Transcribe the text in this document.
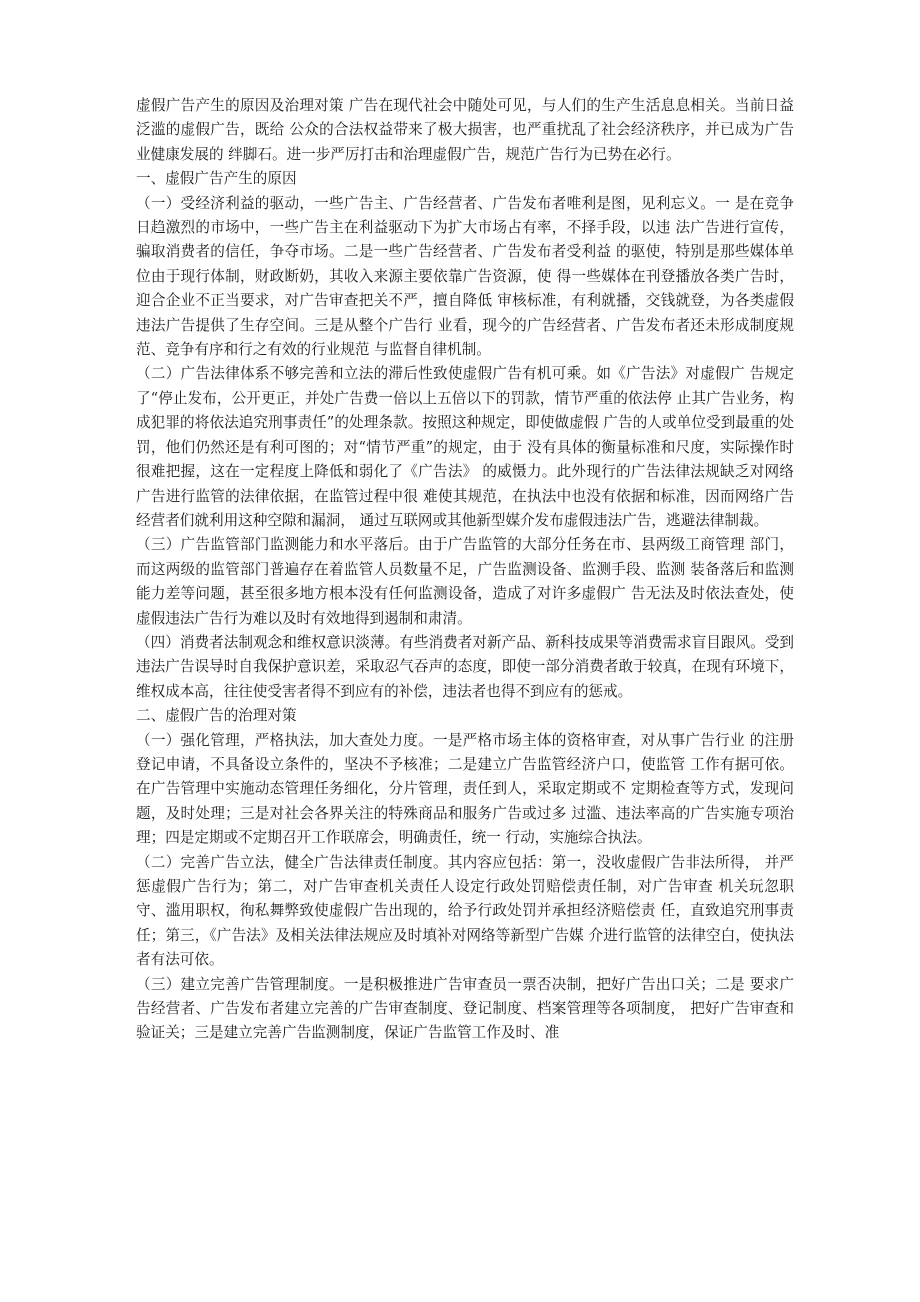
虚假广告产生的原因及治理对策 广告在现代社会中随处可见，与人们的生产生活息息相关。当前日益泛滥的虚假广告，既给 公众的合法权益带来了极大损害，也严重扰乱了社会经济秩序，并已成为广告业健康发展的 绊脚石。进一步严厉打击和治理虚假广告，规范广告行为已势在必行。

一、虚假广告产生的原因

（一）受经济利益的驱动，一些广告主、广告经营者、广告发布者唯利是图，见利忘义。一 是在竞争日趋激烈的市场中，一些广告主在利益驱动下为扩大市场占有率，不择手段，以违 法广告进行宣传，骗取消费者的信任，争夺市场。二是一些广告经营者、广告发布者受利益 的驱使，特别是那些媒体单位由于现行体制，财政断奶，其收入来源主要依靠广告资源，使 得一些媒体在刊登播放各类广告时，迎合企业不正当要求，对广告审查把关不严，擅自降低 审核标准，有利就播，交钱就登，为各类虚假违法广告提供了生存空间。三是从整个广告行 业看，现今的广告经营者、广告发布者还未形成制度规范、竞争有序和行之有效的行业规范 与监督自律机制。

（二）广告法律体系不够完善和立法的滞后性致使虚假广告有机可乘。如《广告法》对虚假广 告规定了“停止发布，公开更正，并处广告费一倍以上五倍以下的罚款，情节严重的依法停 止其广告业务，构成犯罪的将依法追究刑事责任”的处理条款。按照这种规定，即使做虚假 广告的人或单位受到最重的处罚，他们仍然还是有利可图的；对“情节严重”的规定，由于 没有具体的衡量标准和尺度，实际操作时很难把握，这在一定程度上降低和弱化了《广告法》 的威慑力。此外现行的广告法律法规缺乏对网络广告进行监管的法律依据，在监管过程中很 难使其规范，在执法中也没有依据和标准，因而网络广告经营者们就利用这种空隙和漏洞， 通过互联网或其他新型媒介发布虚假违法广告，逃避法律制裁。

（三）广告监管部门监测能力和水平落后。由于广告监管的大部分任务在市、县两级工商管理 部门，而这两级的监管部门普遍存在着监管人员数量不足，广告监测设备、监测手段、监测 装备落后和监测能力差等问题，甚至很多地方根本没有任何监测设备，造成了对许多虚假广 告无法及时依法查处，使虚假违法广告行为难以及时有效地得到遏制和肃清。

（四）消费者法制观念和维权意识淡薄。有些消费者对新产品、新科技成果等消费需求盲目跟风。受到违法广告误导时自我保护意识差，采取忍气吞声的态度，即使一部分消费者敢于较真，在现有环境下，维权成本高，往往使受害者得不到应有的补偿，违法者也得不到应有的惩戒。

二、虚假广告的治理对策

（一）强化管理，严格执法，加大查处力度。一是严格市场主体的资格审查，对从事广告行业 的注册登记申请，不具备设立条件的，坚决不予核准；二是建立广告监管经济户口，使监管 工作有据可依。在广告管理中实施动态管理任务细化，分片管理，责任到人，采取定期或不 定期检查等方式，发现问题，及时处理；三是对社会各界关注的特殊商品和服务广告或过多 过滥、违法率高的广告实施专项治理；四是定期或不定期召开工作联席会，明确责任，统一 行动，实施综合执法。

（二）完善广告立法，健全广告法律责任制度。其内容应包括：第一，没收虚假广告非法所得， 并严惩虚假广告行为；第二，对广告审查机关责任人设定行政处罚赔偿责任制，对广告审查 机关玩忽职守、滥用职权，徇私舞弊致使虚假广告出现的，给予行政处罚并承担经济赔偿责 任，直致追究刑事责任；第三，《广告法》及相关法律法规应及时填补对网络等新型广告媒 介进行监管的法律空白，使执法者有法可依。

（三）建立完善广告管理制度。一是积极推进广告审查员一票否决制，把好广告出口关；二是 要求广告经营者、广告发布者建立完善的广告审查制度、登记制度、档案管理等各项制度， 把好广告审查和验证关；三是建立完善广告监测制度，保证广告监管工作及时、准
